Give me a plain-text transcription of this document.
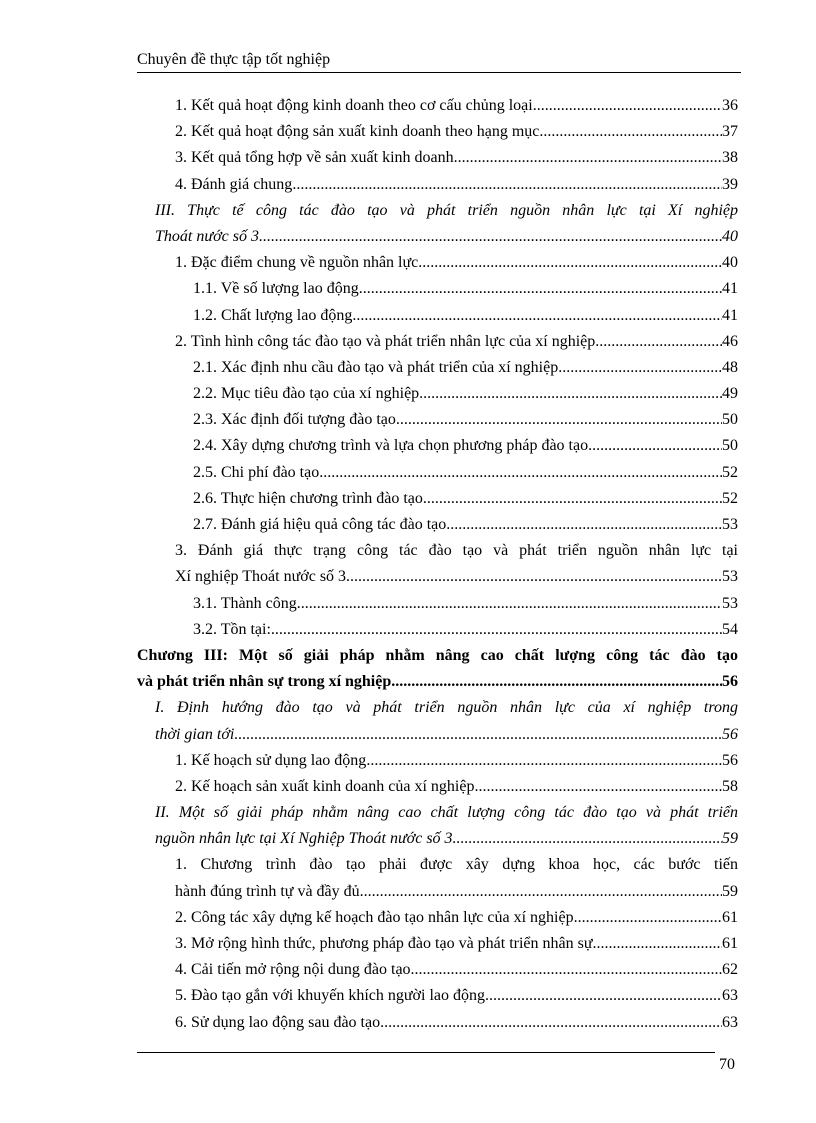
Chuyên đề thực tập tốt nghiệp
1. Kết quả hoạt động kinh doanh theo cơ cấu chủng loại .....	36
2. Kết quả hoạt động sản xuất kinh doanh theo hạng mục .....	37
3. Kết quả tổng hợp về sản xuất kinh doanh .....	38
4. Đánh giá chung .....	39
III. Thực tế công tác đào tạo và phát triển nguồn nhân lực tại Xí nghiệp
Thoát nước số 3 .....	40
1. Đặc điểm chung về nguồn nhân lực .....	40
1.1. Về số lượng lao động .....	41
1.2. Chất lượng lao động .....	41
2. Tình hình công tác đào tạo và phát triển nhân lực của xí nghiệp .....	46
2.1. Xác định nhu cầu đào tạo và phát triển của xí nghiệp .....	48
2.2. Mục tiêu đào tạo của xí nghiệp .....	49
2.3. Xác định đối tượng đào tạo .....	50
2.4. Xây dựng chương trình và lựa chọn phương pháp đào tạo .....	50
2.5. Chi phí đào tạo .....	52
2.6. Thực hiện chương trình đào tạo .....	52
2.7. Đánh giá hiệu quả công tác đào tạo .....	53
3. Đánh giá thực trạng công tác đào tạo và phát triển nguồn nhân lực tại
Xí nghiệp Thoát nước số 3 .....	53
3.1. Thành công .....	53
3.2. Tồn tại: .....	54
Chương III: Một số giải pháp nhằm nâng cao chất lượng công tác đào tạo
và phát triển nhân sự trong xí nghiệp .....	56
I. Định hướng đào tạo và phát triển nguồn nhân lực của xí nghiệp trong
thời gian tới .....	56
1. Kế hoạch sử dụng lao động .....	56
2. Kế hoạch sản xuất kinh doanh của xí nghiệp .....	58
II. Một số giải pháp nhằm nâng cao chất lượng công tác đào tạo và phát triển
nguồn nhân lực tại Xí Nghiệp Thoát nước số 3 .....	59
1. Chương trình đào tạo phải được xây dựng khoa học, các bước tiến
hành đúng trình tự và đầy đủ .....	59
2. Công tác xây dựng kế hoạch đào tạo nhân lực của xí nghiệp .....	61
3. Mở rộng hình thức, phương pháp đào tạo và phát triển nhân sự .....	61
4. Cải tiến mở rộng nội dung đào tạo .....	62
5. Đào tạo gắn với khuyến khích người lao động .....	63
6. Sử dụng lao động sau đào tạo .....	63
70
